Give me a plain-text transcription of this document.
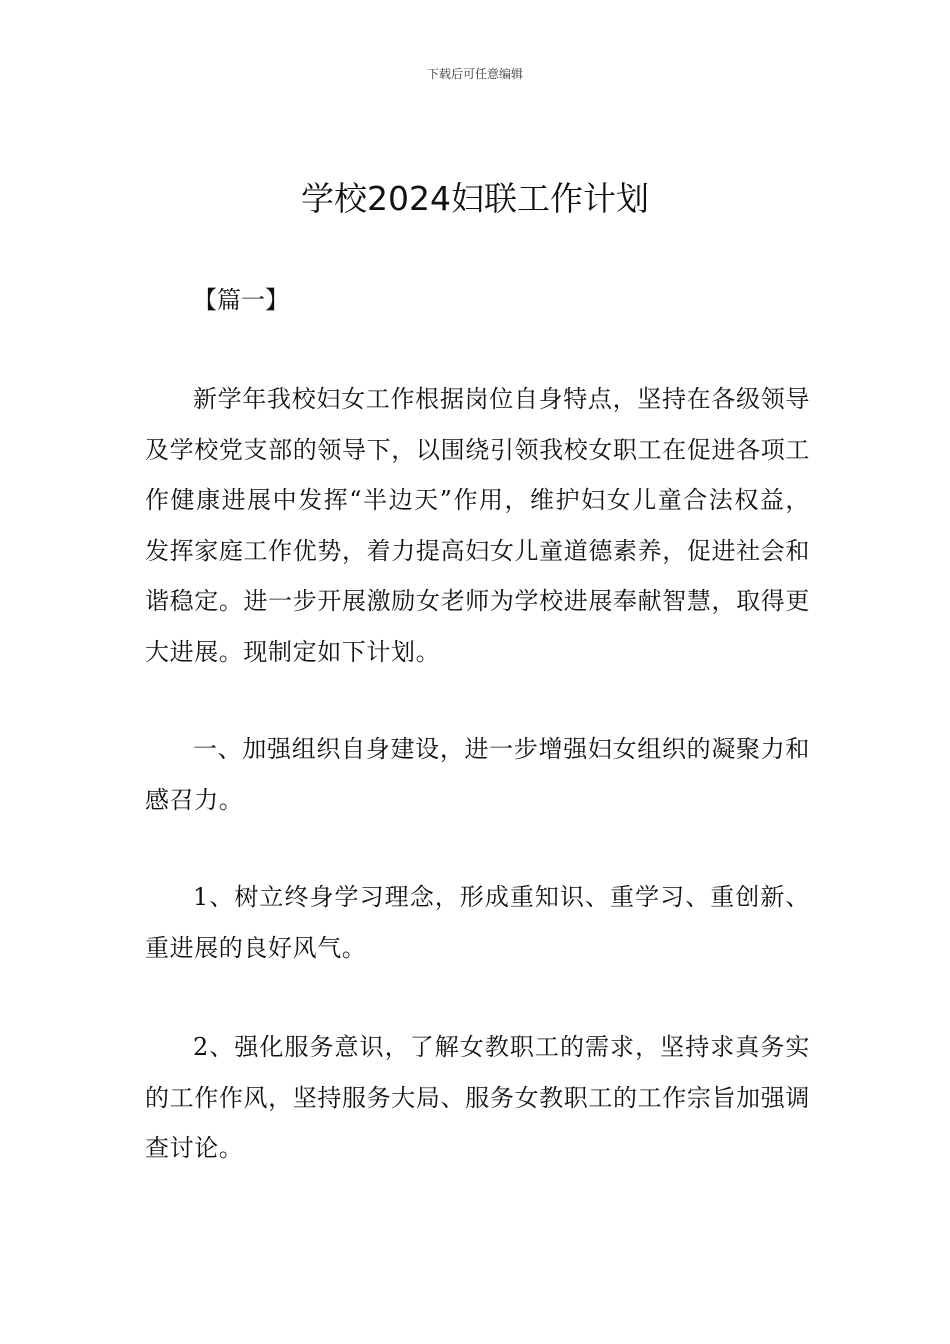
下载后可任意编辑
学校2024妇联工作计划
【篇一】

新学年我校妇女工作根据岗位自身特点，坚持在各级领导及学校党支部的领导下，以围绕引领我校女职工在促进各项工作健康进展中发挥“半边天”作用，维护妇女儿童合法权益，发挥家庭工作优势，着力提高妇女儿童道德素养，促进社会和谐稳定。进一步开展激励女老师为学校进展奉献智慧，取得更大进展。现制定如下计划。

一、加强组织自身建设，进一步增强妇女组织的凝聚力和感召力。

1、树立终身学习理念，形成重知识、重学习、重创新、重进展的良好风气。

2、强化服务意识，了解女教职工的需求，坚持求真务实的工作作风，坚持服务大局、服务女教职工的工作宗旨加强调查讨论。
